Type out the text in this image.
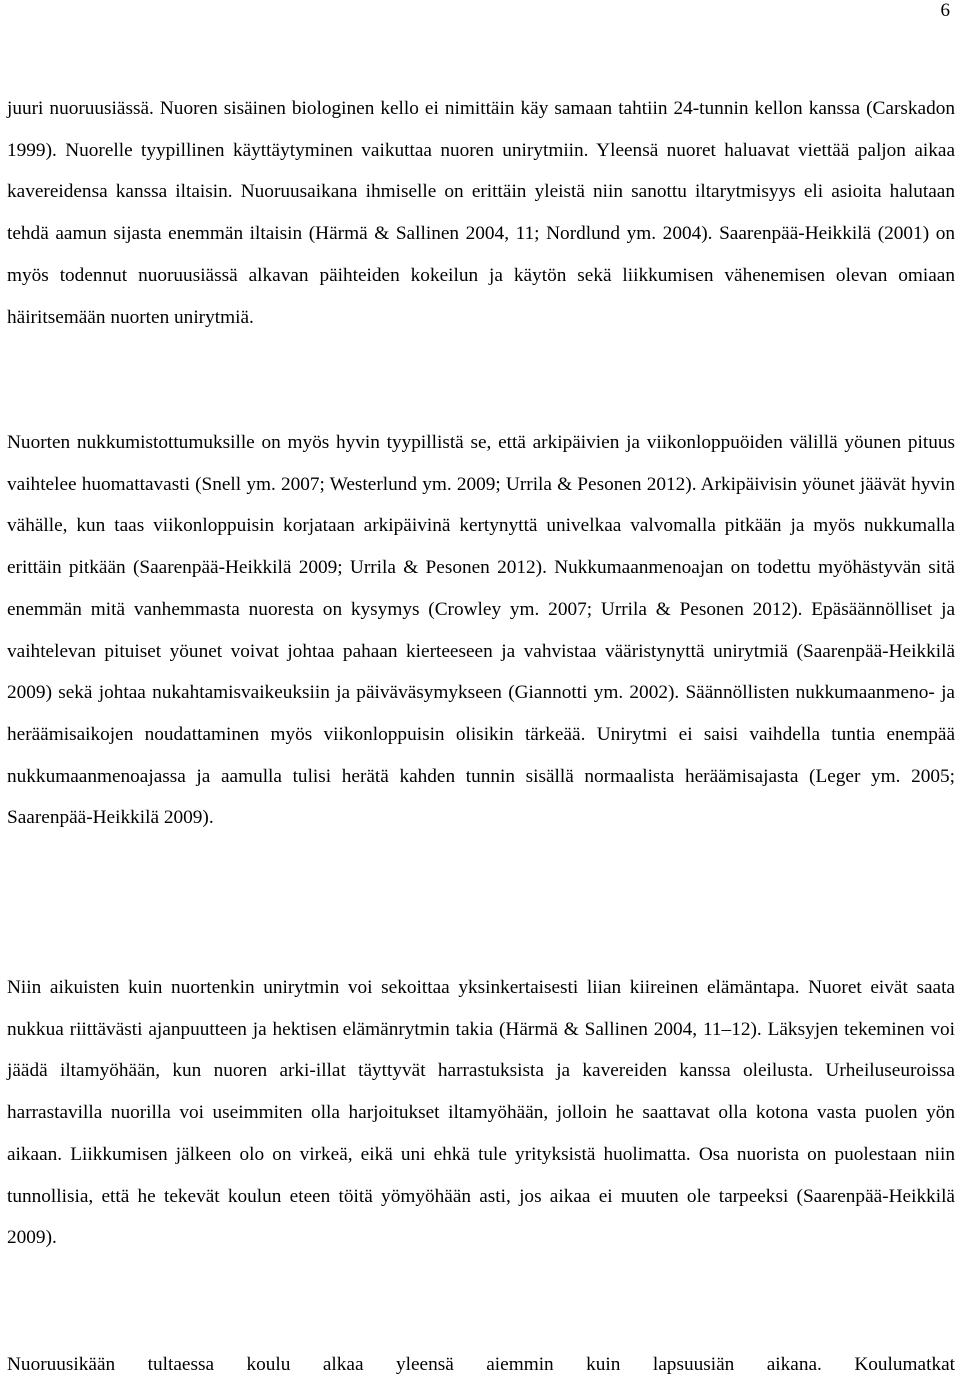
6

juuri nuoruusiässä. Nuoren sisäinen biologinen kello ei nimittäin käy samaan tahtiin 24-tunnin kellon kanssa (Carskadon 1999). Nuorelle tyypillinen käyttäytyminen vaikuttaa nuoren unirytmiin. Yleensä nuoret haluavat viettää paljon aikaa kavereidensa kanssa iltaisin. Nuoruusaikana ihmiselle on erittäin yleistä niin sanottu iltarytmisyys eli asioita halutaan tehdä aamun sijasta enemmän iltaisin (Härmä & Sallinen 2004, 11; Nordlund ym. 2004). Saarenpää-Heikkilä (2001) on myös todennut nuoruusiässä alkavan päihteiden kokeilun ja käytön sekä liikkumisen vähenemisen olevan omiaan häiritsemään nuorten unirytmiä.

Nuorten nukkumistottumuksille on myös hyvin tyypillistä se, että arkipäivien ja viikonloppuöiden välillä yöunen pituus vaihtelee huomattavasti (Snell ym. 2007; Westerlund ym. 2009; Urrila & Pesonen 2012). Arkipäivisin yöunet jäävät hyvin vähälle, kun taas viikonloppuisin korjataan arkipäivinä kertynyttä univelkaa valvomalla pitkään ja myös nukkumalla erittäin pitkään (Saarenpää-Heikkilä 2009; Urrila & Pesonen 2012). Nukkumaanmenoajan on todettu myöhästyvän sitä enemmän mitä vanhemmasta nuoresta on kysymys (Crowley ym. 2007; Urrila & Pesonen 2012). Epäsäännölliset ja vaihtelevan pituiset yöunet voivat johtaa pahaan kierteeseen ja vahvistaa vääristynyttä unirytmiä (Saarenpää-Heikkilä 2009) sekä johtaa nukahtamisvaikeuksiin ja päiväväsymykseen (Giannotti ym. 2002). Säännöllisten nukkumaanmeno- ja heräämisaikojen noudattaminen myös viikonloppuisin olisikin tärkeää. Unirytmi ei saisi vaihdella tuntia enempää nukkumaanmenoajassa ja aamulla tulisi herätä kahden tunnin sisällä normaalista heräämisajasta (Leger ym. 2005; Saarenpää-Heikkilä 2009).

Niin aikuisten kuin nuortenkin unirytmin voi sekoittaa yksinkertaisesti liian kiireinen elämäntapa. Nuoret eivät saata nukkua riittävästi ajanpuutteen ja hektisen elämänrytmin takia (Härmä & Sallinen 2004, 11–12). Läksyjen tekeminen voi jäädä iltamyöhään, kun nuoren arki-illat täyttyvät harrastuksista ja kavereiden kanssa oleilusta. Urheiluseuroissa harrastavilla nuorilla voi useimmiten olla harjoitukset iltamyöhään, jolloin he saattavat olla kotona vasta puolen yön aikaan. Liikkumisen jälkeen olo on virkeä, eikä uni ehkä tule yrityksistä huolimatta. Osa nuorista on puolestaan niin tunnollisia, että he tekevät koulun eteen töitä yömyöhään asti, jos aikaa ei muuten ole tarpeeksi (Saarenpää-Heikkilä 2009).

Nuoruusikään tultaessa koulu alkaa yleensä aiemmin kuin lapsuusiän aikana. Koulumatkat
